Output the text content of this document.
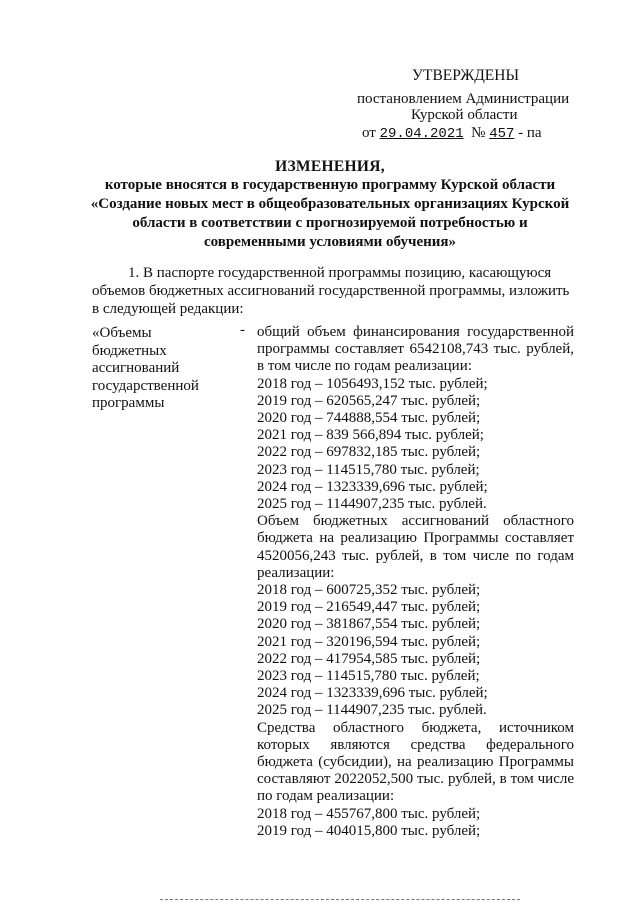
УТВЕРЖДЕНЫ
постановлением Администрации
Курской области
от 29.04.2021 № 457 - па
ИЗМЕНЕНИЯ,
которые вносятся в государственную программу Курской области
«Создание новых мест в общеобразовательных организациях Курской
области в соответствии с прогнозируемой потребностью и
современными условиями обучения»
1. В паспорте государственной программы позицию, касающуюся
объемов бюджетных ассигнований государственной программы, изложить
в следующей редакции:
«Объемы
бюджетных
ассигнований
государственной
программы
- общий объем финансирования государственной программы составляет 6542108,743 тыс. рублей, в том числе по годам реализации:

2018 год – 1056493,152 тыс. рублей;

2019 год – 620565,247 тыс. рублей;

2020 год – 744888,554 тыс. рублей;

2021 год – 839 566,894 тыс. рублей;

2022 год – 697832,185 тыс. рублей;

2023 год – 114515,780 тыс. рублей;

2024 год – 1323339,696 тыс. рублей;

2025 год – 1144907,235 тыс. рублей.

Объем бюджетных ассигнований областного бюджета на реализацию Программы составляет 4520056,243 тыс. рублей, в том числе по годам реализации:

2018 год – 600725,352 тыс. рублей;

2019 год – 216549,447 тыс. рублей;

2020 год – 381867,554 тыс. рублей;

2021 год – 320196,594 тыс. рублей;

2022 год – 417954,585 тыс. рублей;

2023 год – 114515,780 тыс. рублей;

2024 год – 1323339,696 тыс. рублей;

2025 год – 1144907,235 тыс. рублей.

Средства областного бюджета, источником которых являются средства федерального бюджета (субсидии), на реализацию Программы составляют 2022052,500 тыс. рублей, в том числе по годам реализации:

2018 год – 455767,800 тыс. рублей;

2019 год – 404015,800 тыс. рублей;
